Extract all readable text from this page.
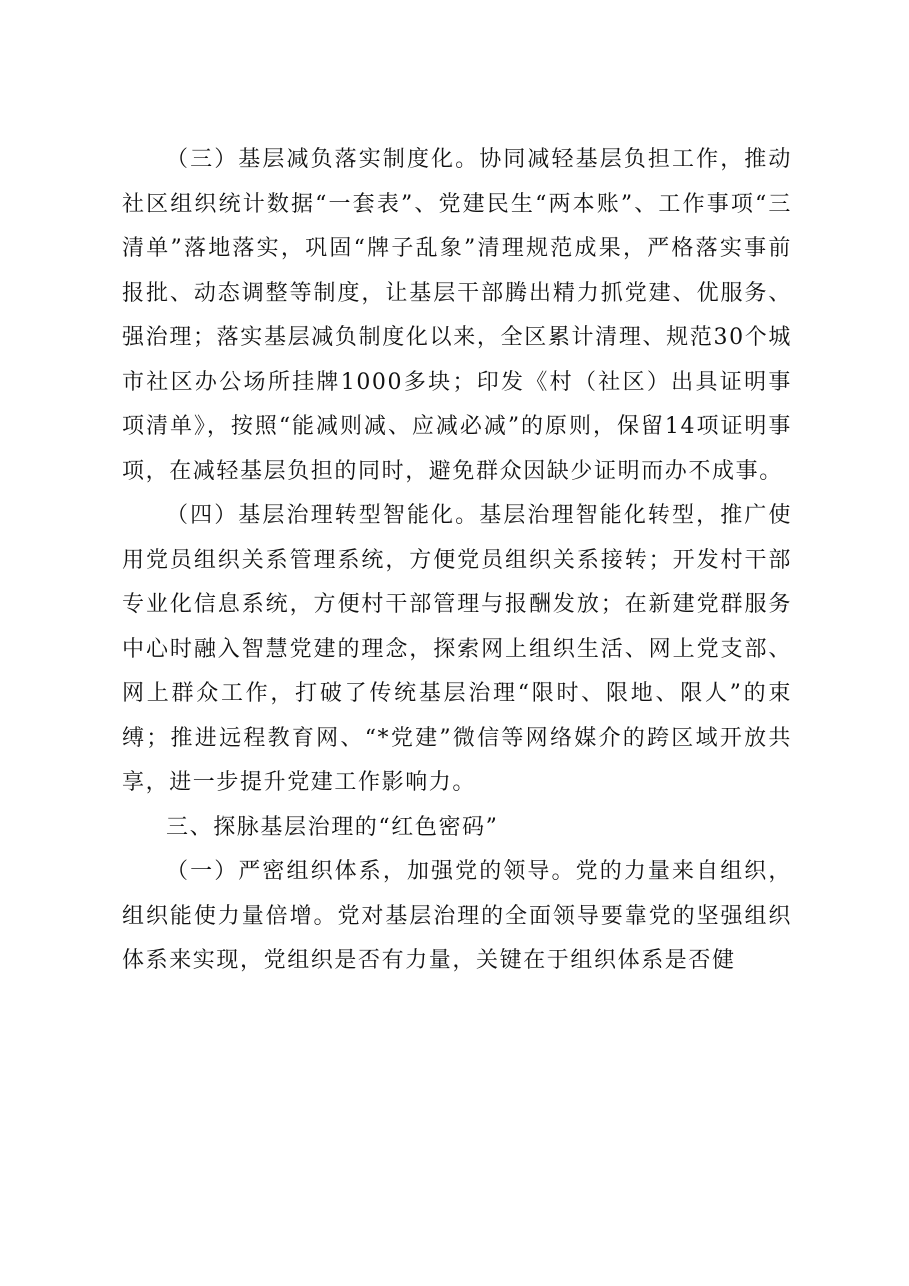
（三）基层减负落实制度化。协同减轻基层负担工作，推动社区组织统计数据“一套表”、党建民生“两本账”、工作事项“三清单”落地落实，巩固“牌子乱象”清理规范成果，严格落实事前报批、动态调整等制度，让基层干部腾出精力抓党建、优服务、强治理；落实基层减负制度化以来，全区累计清理、规范30个城市社区办公场所挂牌1000多块；印发《村（社区）出具证明事项清单》，按照“能减则减、应减必减”的原则，保留14项证明事项，在减轻基层负担的同时，避免群众因缺少证明而办不成事。

（四）基层治理转型智能化。基层治理智能化转型，推广使用党员组织关系管理系统，方便党员组织关系接转；开发村干部专业化信息系统，方便村干部管理与报酬发放；在新建党群服务中心时融入智慧党建的理念，探索网上组织生活、网上党支部、网上群众工作，打破了传统基层治理“限时、限地、限人”的束缚；推进远程教育网、“*党建”微信等网络媒介的跨区域开放共享，进一步提升党建工作影响力。

三、探脉基层治理的“红色密码”

（一）严密组织体系，加强党的领导。党的力量来自组织，组织能使力量倍增。党对基层治理的全面领导要靠党的坚强组织体系来实现，党组织是否有力量，关键在于组织体系是否健
